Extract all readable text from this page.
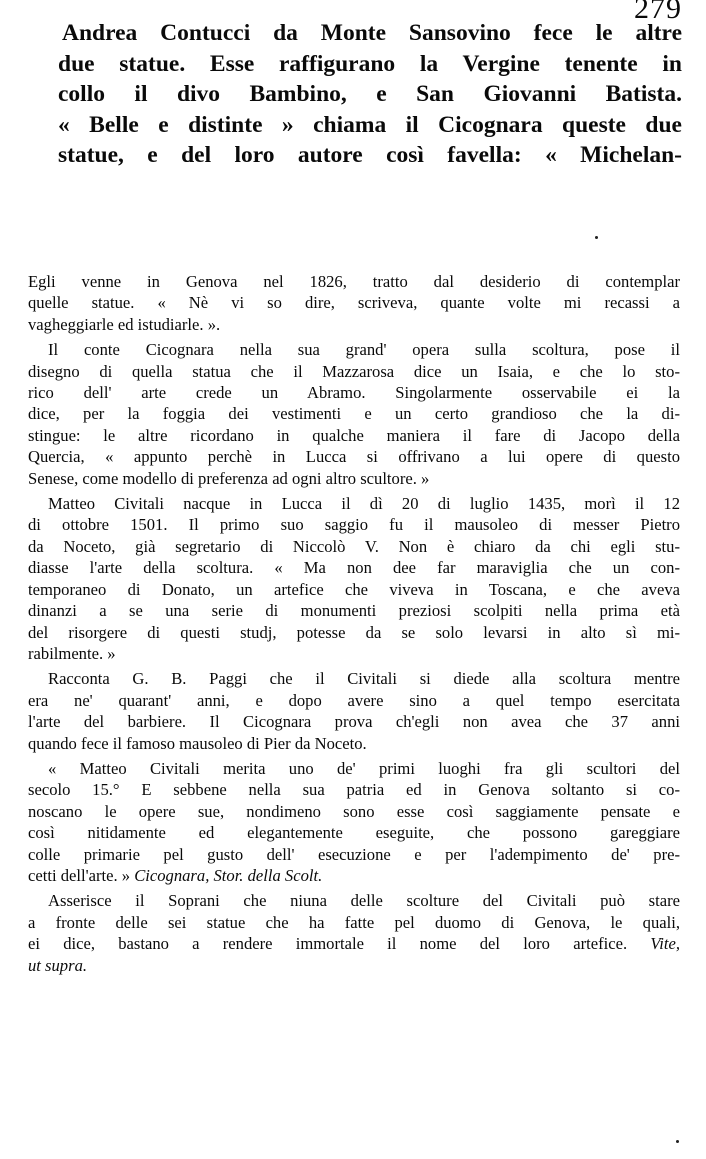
279
Andrea Contucci da Monte Sansovino fece le altre
due statue. Esse raffigurano la Vergine tenente in
collo il divo Bambino, e San Giovanni Batista.
« Belle e distinte » chiama il Cicognara queste due
statue, e del loro autore così favella: « Michelan-
Egli venne in Genova nel 1826, tratto dal desiderio di contemplar
quelle statue. « Nè vi so dire, scriveva, quante volte mi recassi a
vagheggiarle ed istudiarle. ».
Il conte Cicognara nella sua grand' opera sulla scoltura, pose il
disegno di quella statua che il Mazzarosa dice un Isaia, e che lo sto-
rico dell' arte crede un Abramo. Singolarmente osservabile ei la
dice, per la foggia dei vestimenti e un certo grandioso che la di-
stingue: le altre ricordano in qualche maniera il fare di Jacopo della
Quercia, « appunto perchè in Lucca si offrivano a lui opere di questo
Senese, come modello di preferenza ad ogni altro scultore. »
Matteo Civitali nacque in Lucca il dì 20 di luglio 1435, morì il 12
di ottobre 1501. Il primo suo saggio fu il mausoleo di messer Pietro
da Noceto, già segretario di Niccolò V. Non è chiaro da chi egli stu-
diasse l'arte della scoltura. « Ma non dee far maraviglia che un con-
temporaneo di Donato, un artefice che viveva in Toscana, e che aveva
dinanzi a se una serie di monumenti preziosi scolpiti nella prima età
del risorgere di questi studj, potesse da se solo levarsi in alto sì mi-
rabilmente. »
Racconta G. B. Paggi che il Civitali si diede alla scoltura mentre
era ne' quarant' anni, e dopo avere sino a quel tempo esercitata
l'arte del barbiere. Il Cicognara prova ch'egli non avea che 37 anni
quando fece il famoso mausoleo di Pier da Noceto.
« Matteo Civitali merita uno de' primi luoghi fra gli scultori del
secolo 15.° E sebbene nella sua patria ed in Genova soltanto si co-
noscano le opere sue, nondimeno sono esse così saggiamente pensate e
così nitidamente ed elegantemente eseguite, che possono gareggiare
colle primarie pel gusto dell' esecuzione e per l'adempimento de' pre-
cetti dell'arte. » Cicognara, Stor. della Scolt.
Asserisce il Soprani che niuna delle scolture del Civitali può stare
a fronte delle sei statue che ha fatte pel duomo di Genova, le quali,
ei dice, bastano a rendere immortale il nome del loro artefice. Vite,
ut supra.
